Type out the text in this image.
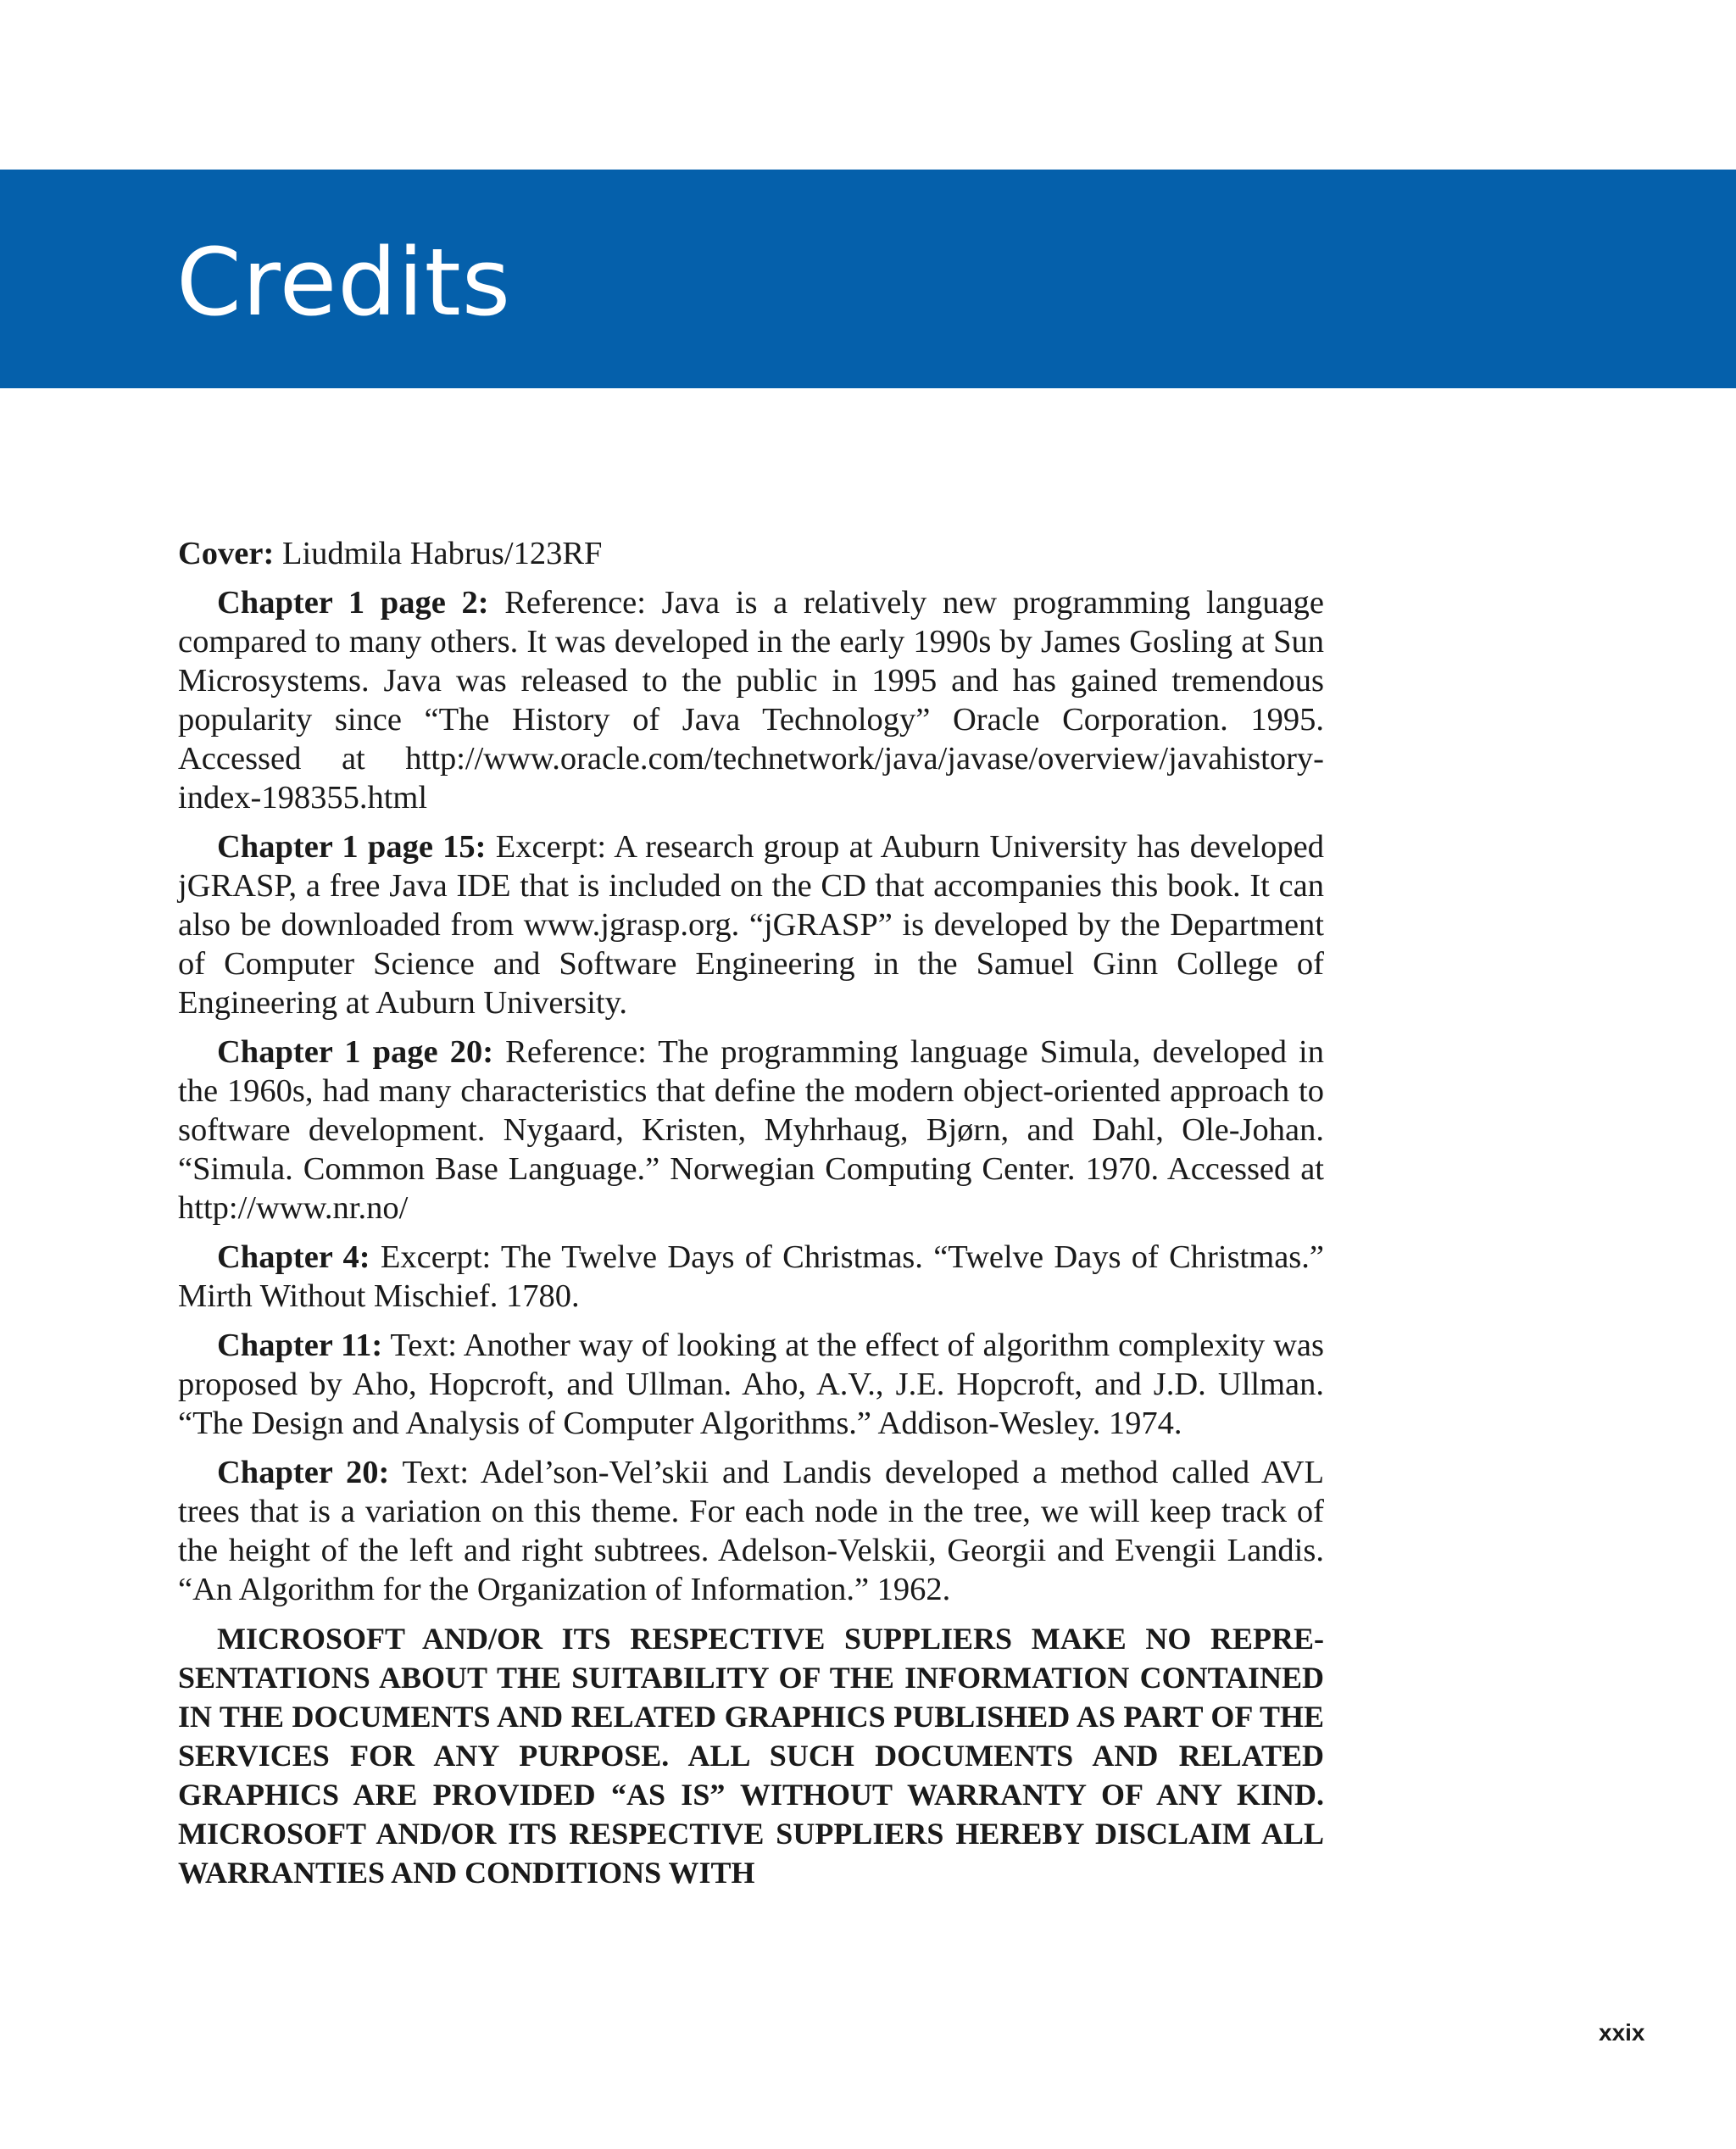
Credits

Cover: Liudmila Habrus/123RF

Chapter 1 page 2: Reference: Java is a relatively new programming language compared to many others. It was developed in the early 1990s by James Gosling at Sun Microsystems. Java was released to the public in 1995 and has gained tremendous popularity since “The History of Java Technology” Oracle Corporation. 1995. Accessed at http://www.oracle.com/technetwork/java/javase/overview/javahistory-index-198355.html

Chapter 1 page 15: Excerpt: A research group at Auburn University has developed jGRASP, a free Java IDE that is included on the CD that accompanies this book. It can also be downloaded from www.jgrasp.org. “jGRASP” is developed by the Department of Computer Science and Software Engineering in the Samuel Ginn College of Engineering at Auburn University.

Chapter 1 page 20: Reference: The programming language Simula, developed in the 1960s, had many characteristics that define the modern object-oriented approach to software development. Nygaard, Kristen, Myhrhaug, Bjørn, and Dahl, Ole-Johan. “Simula. Common Base Language.” Norwegian Computing Center. 1970. Accessed at http://www.nr.no/

Chapter 4: Excerpt: The Twelve Days of Christmas. “Twelve Days of Christmas.” Mirth Without Mischief. 1780.

Chapter 11: Text: Another way of looking at the effect of algorithm complexity was proposed by Aho, Hopcroft, and Ullman. Aho, A.V., J.E. Hopcroft, and J.D. Ullman. “The Design and Analysis of Computer Algorithms.” Addison-Wesley. 1974.

Chapter 20: Text: Adel’son-Vel’skii and Landis developed a method called AVL trees that is a variation on this theme. For each node in the tree, we will keep track of the height of the left and right subtrees. Adelson-Velskii, Georgii and Evengii Landis. “An Algorithm for the Organization of Information.” 1962.

MICROSOFT AND/OR ITS RESPECTIVE SUPPLIERS MAKE NO REPRESENTATIONS ABOUT THE SUITABILITY OF THE INFORMATION CONTAINED IN THE DOCUMENTS AND RELATED GRAPHICS PUBLISHED AS PART OF THE SERVICES FOR ANY PURPOSE. ALL SUCH DOCUMENTS AND RELATED GRAPHICS ARE PROVIDED “AS IS” WITHOUT WARRANTY OF ANY KIND. MICROSOFT AND/OR ITS RESPECTIVE SUPPLIERS HEREBY DISCLAIM ALL WARRANTIES AND CONDITIONS WITH

xxix
